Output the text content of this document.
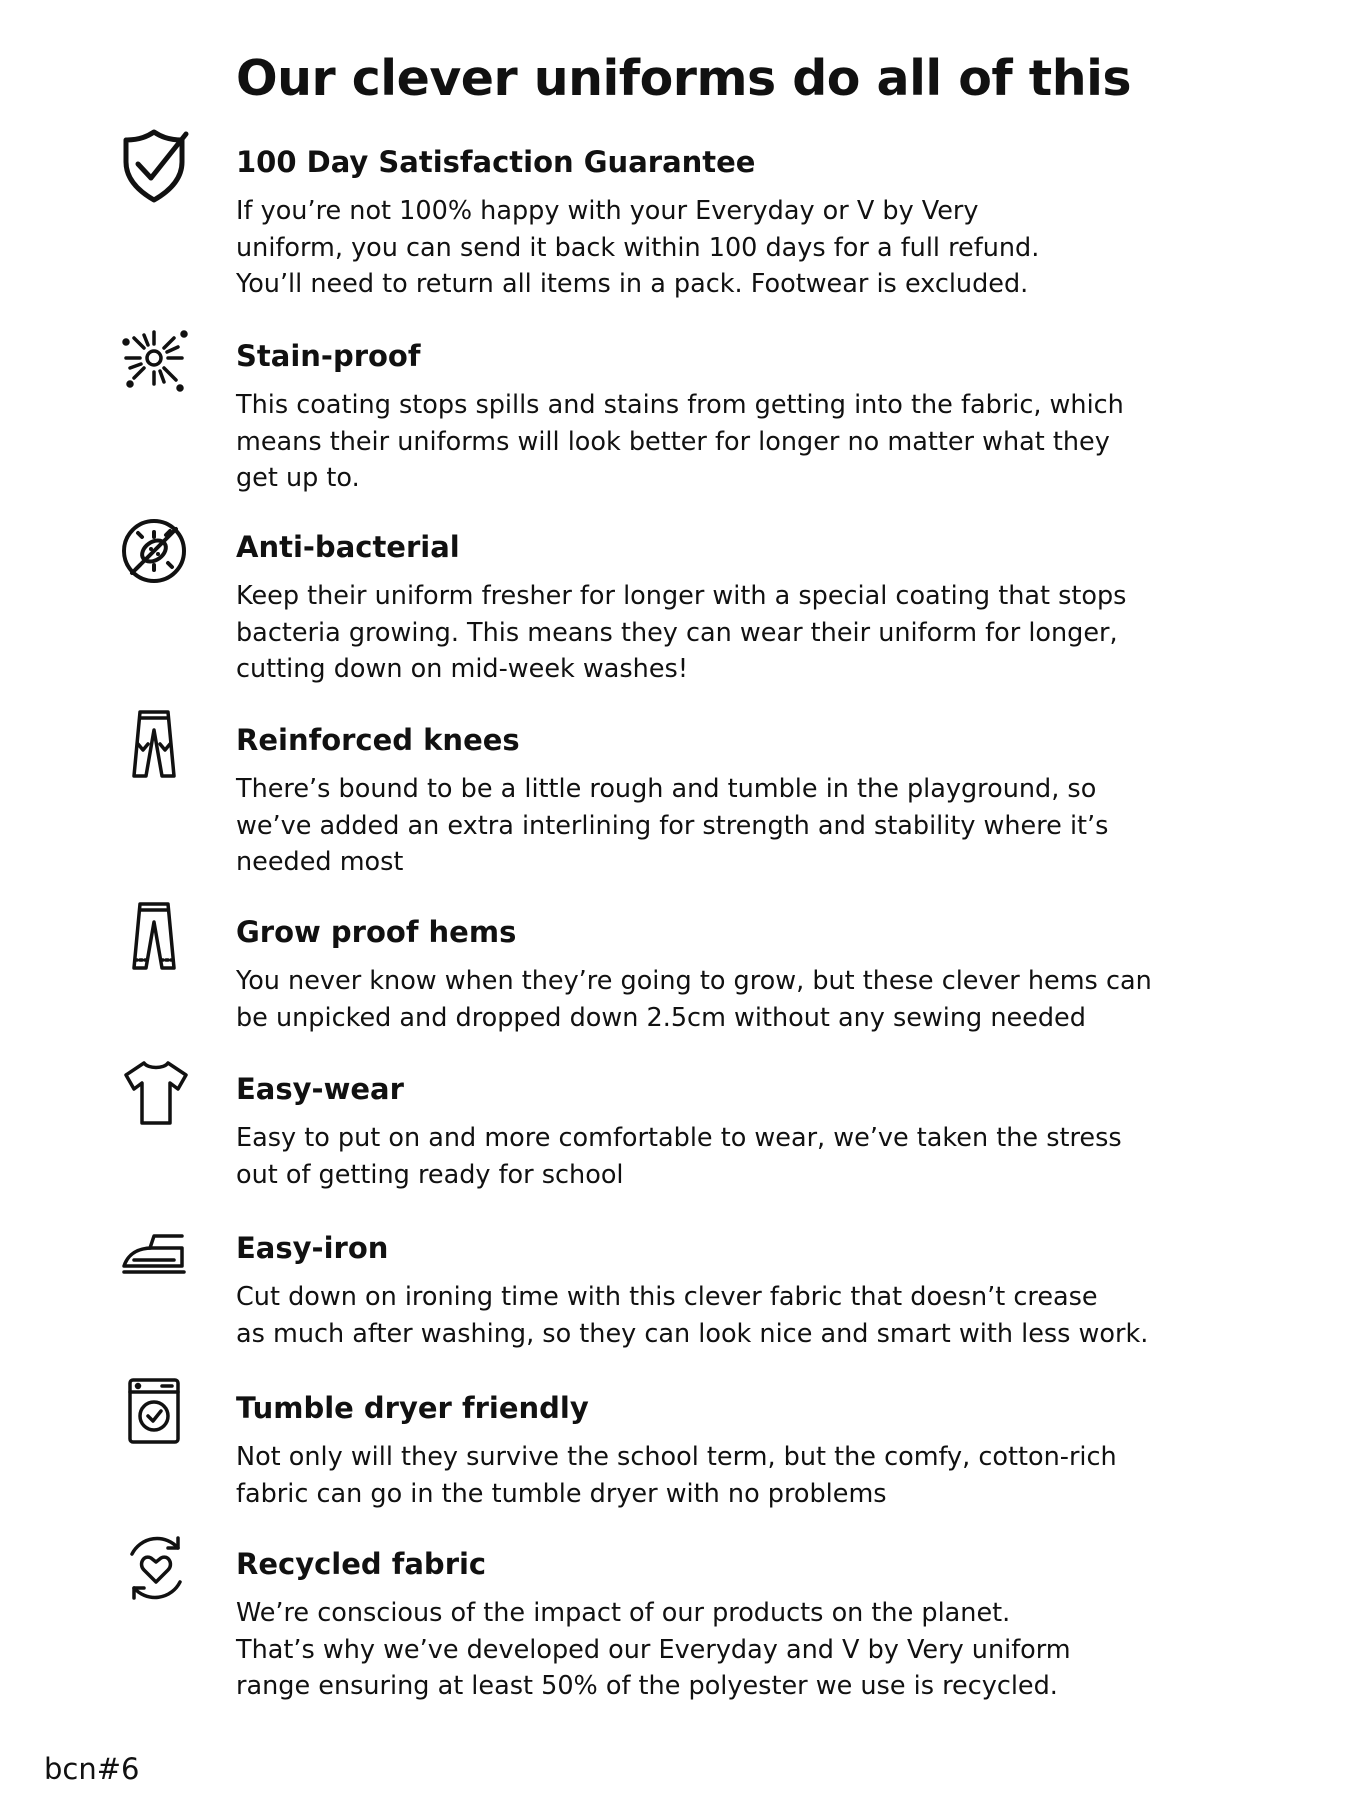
Our clever uniforms do all of this
100 Day Satisfaction Guarantee
If you’re not 100% happy with your Everyday or V by Very
uniform, you can send it back within 100 days for a full refund.
You’ll need to return all items in a pack. Footwear is excluded.
Stain-proof
This coating stops spills and stains from getting into the fabric, which
means their uniforms will look better for longer no matter what they
get up to.
Anti-bacterial
Keep their uniform fresher for longer with a special coating that stops
bacteria growing. This means they can wear their uniform for longer,
cutting down on mid-week washes!
Reinforced knees
There’s bound to be a little rough and tumble in the playground, so
we’ve added an extra interlining for strength and stability where it’s
needed most
Grow proof hems
You never know when they’re going to grow, but these clever hems can
be unpicked and dropped down 2.5cm without any sewing needed
Easy-wear
Easy to put on and more comfortable to wear, we’ve taken the stress
out of getting ready for school
Easy-iron
Cut down on ironing time with this clever fabric that doesn’t crease
as much after washing, so they can look nice and smart with less work.
Tumble dryer friendly
Not only will they survive the school term, but the comfy, cotton-rich
fabric can go in the tumble dryer with no problems
Recycled fabric
We’re conscious of the impact of our products on the planet.
That’s why we’ve developed our Everyday and V by Very uniform
range ensuring at least 50% of the polyester we use is recycled.
bcn#6
